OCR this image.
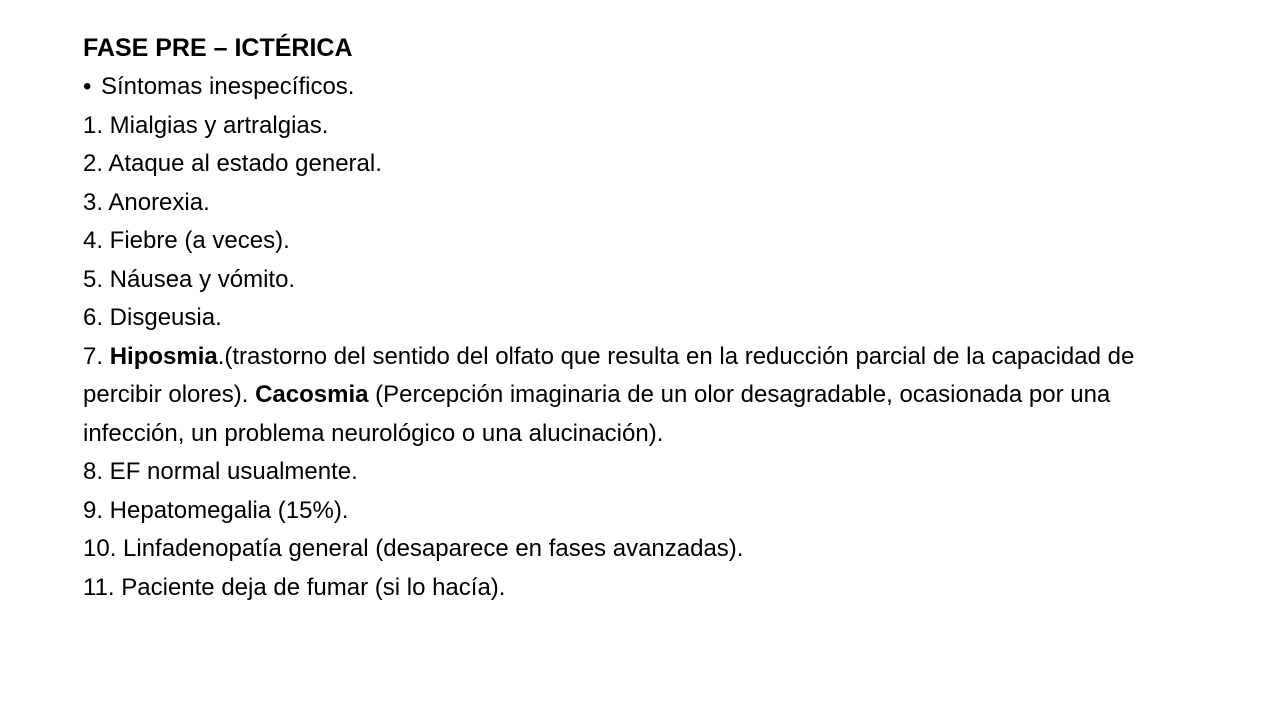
FASE PRE – ICTÉRICA
• Síntomas inespecíficos.
1. Mialgias y artralgias.
2. Ataque al estado general.
3. Anorexia.
4. Fiebre (a veces).
5. Náusea y vómito.
6. Disgeusia.
7. Hiposmia.(trastorno del sentido del olfato que resulta en la reducción parcial de la capacidad de percibir olores). Cacosmia (Percepción imaginaria de un olor desagradable, ocasionada por una infección, un problema neurológico o una alucinación).
8. EF normal usualmente.
9. Hepatomegalia (15%).
10. Linfadenopatía general (desaparece en fases avanzadas).
11. Paciente deja de fumar (si lo hacía).
